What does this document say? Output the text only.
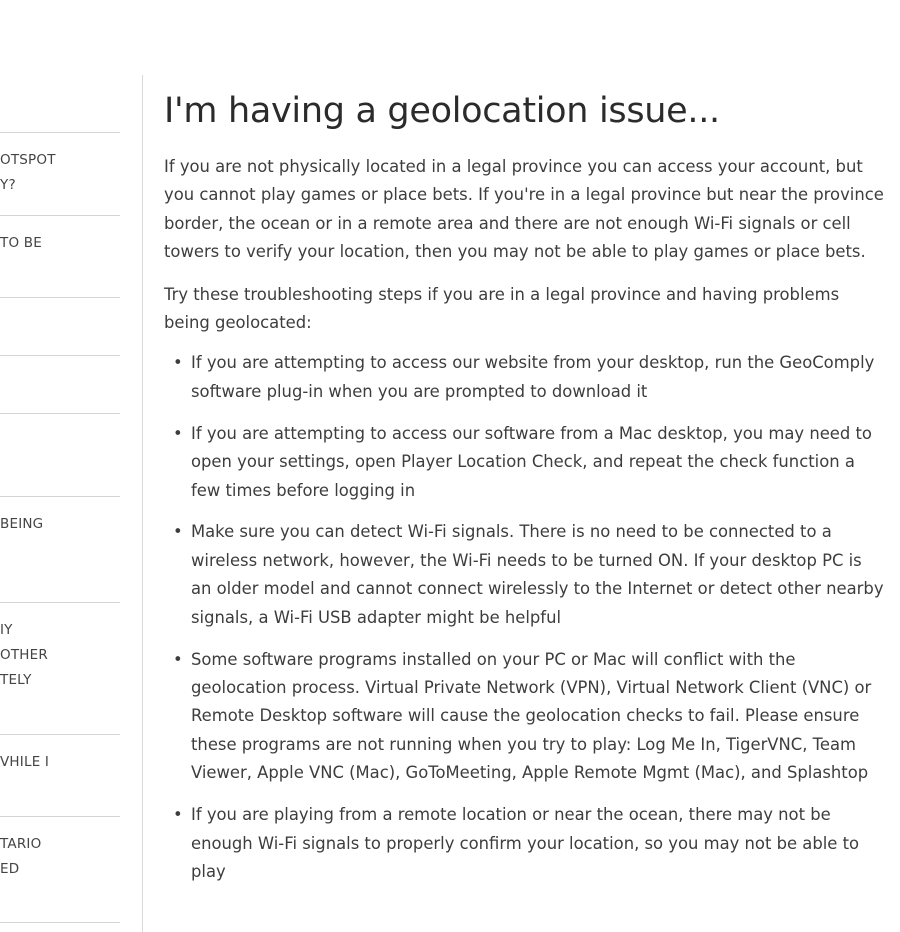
OTSPOT
Y?
TO BE
BEING
IY
OTHER
TELY
VHILE I
TARIO
ED
I'm having a geolocation issue...

If you are not physically located in a legal province you can access your account, but you cannot play games or place bets. If you're in a legal province but near the province border, the ocean or in a remote area and there are not enough Wi-Fi signals or cell towers to verify your location, then you may not be able to play games or place bets.

Try these troubleshooting steps if you are in a legal province and having problems being geolocated:

• If you are attempting to access our website from your desktop, run the GeoComply software plug-in when you are prompted to download it
• If you are attempting to access our software from a Mac desktop, you may need to open your settings, open Player Location Check, and repeat the check function a few times before logging in
• Make sure you can detect Wi-Fi signals. There is no need to be connected to a wireless network, however, the Wi-Fi needs to be turned ON. If your desktop PC is an older model and cannot connect wirelessly to the Internet or detect other nearby signals, a Wi-Fi USB adapter might be helpful
• Some software programs installed on your PC or Mac will conflict with the geolocation process. Virtual Private Network (VPN), Virtual Network Client (VNC) or Remote Desktop software will cause the geolocation checks to fail. Please ensure these programs are not running when you try to play: Log Me In, TigerVNC, Team Viewer, Apple VNC (Mac), GoToMeeting, Apple Remote Mgmt (Mac), and Splashtop
• If you are playing from a remote location or near the ocean, there may not be enough Wi-Fi signals to properly confirm your location, so you may not be able to play
